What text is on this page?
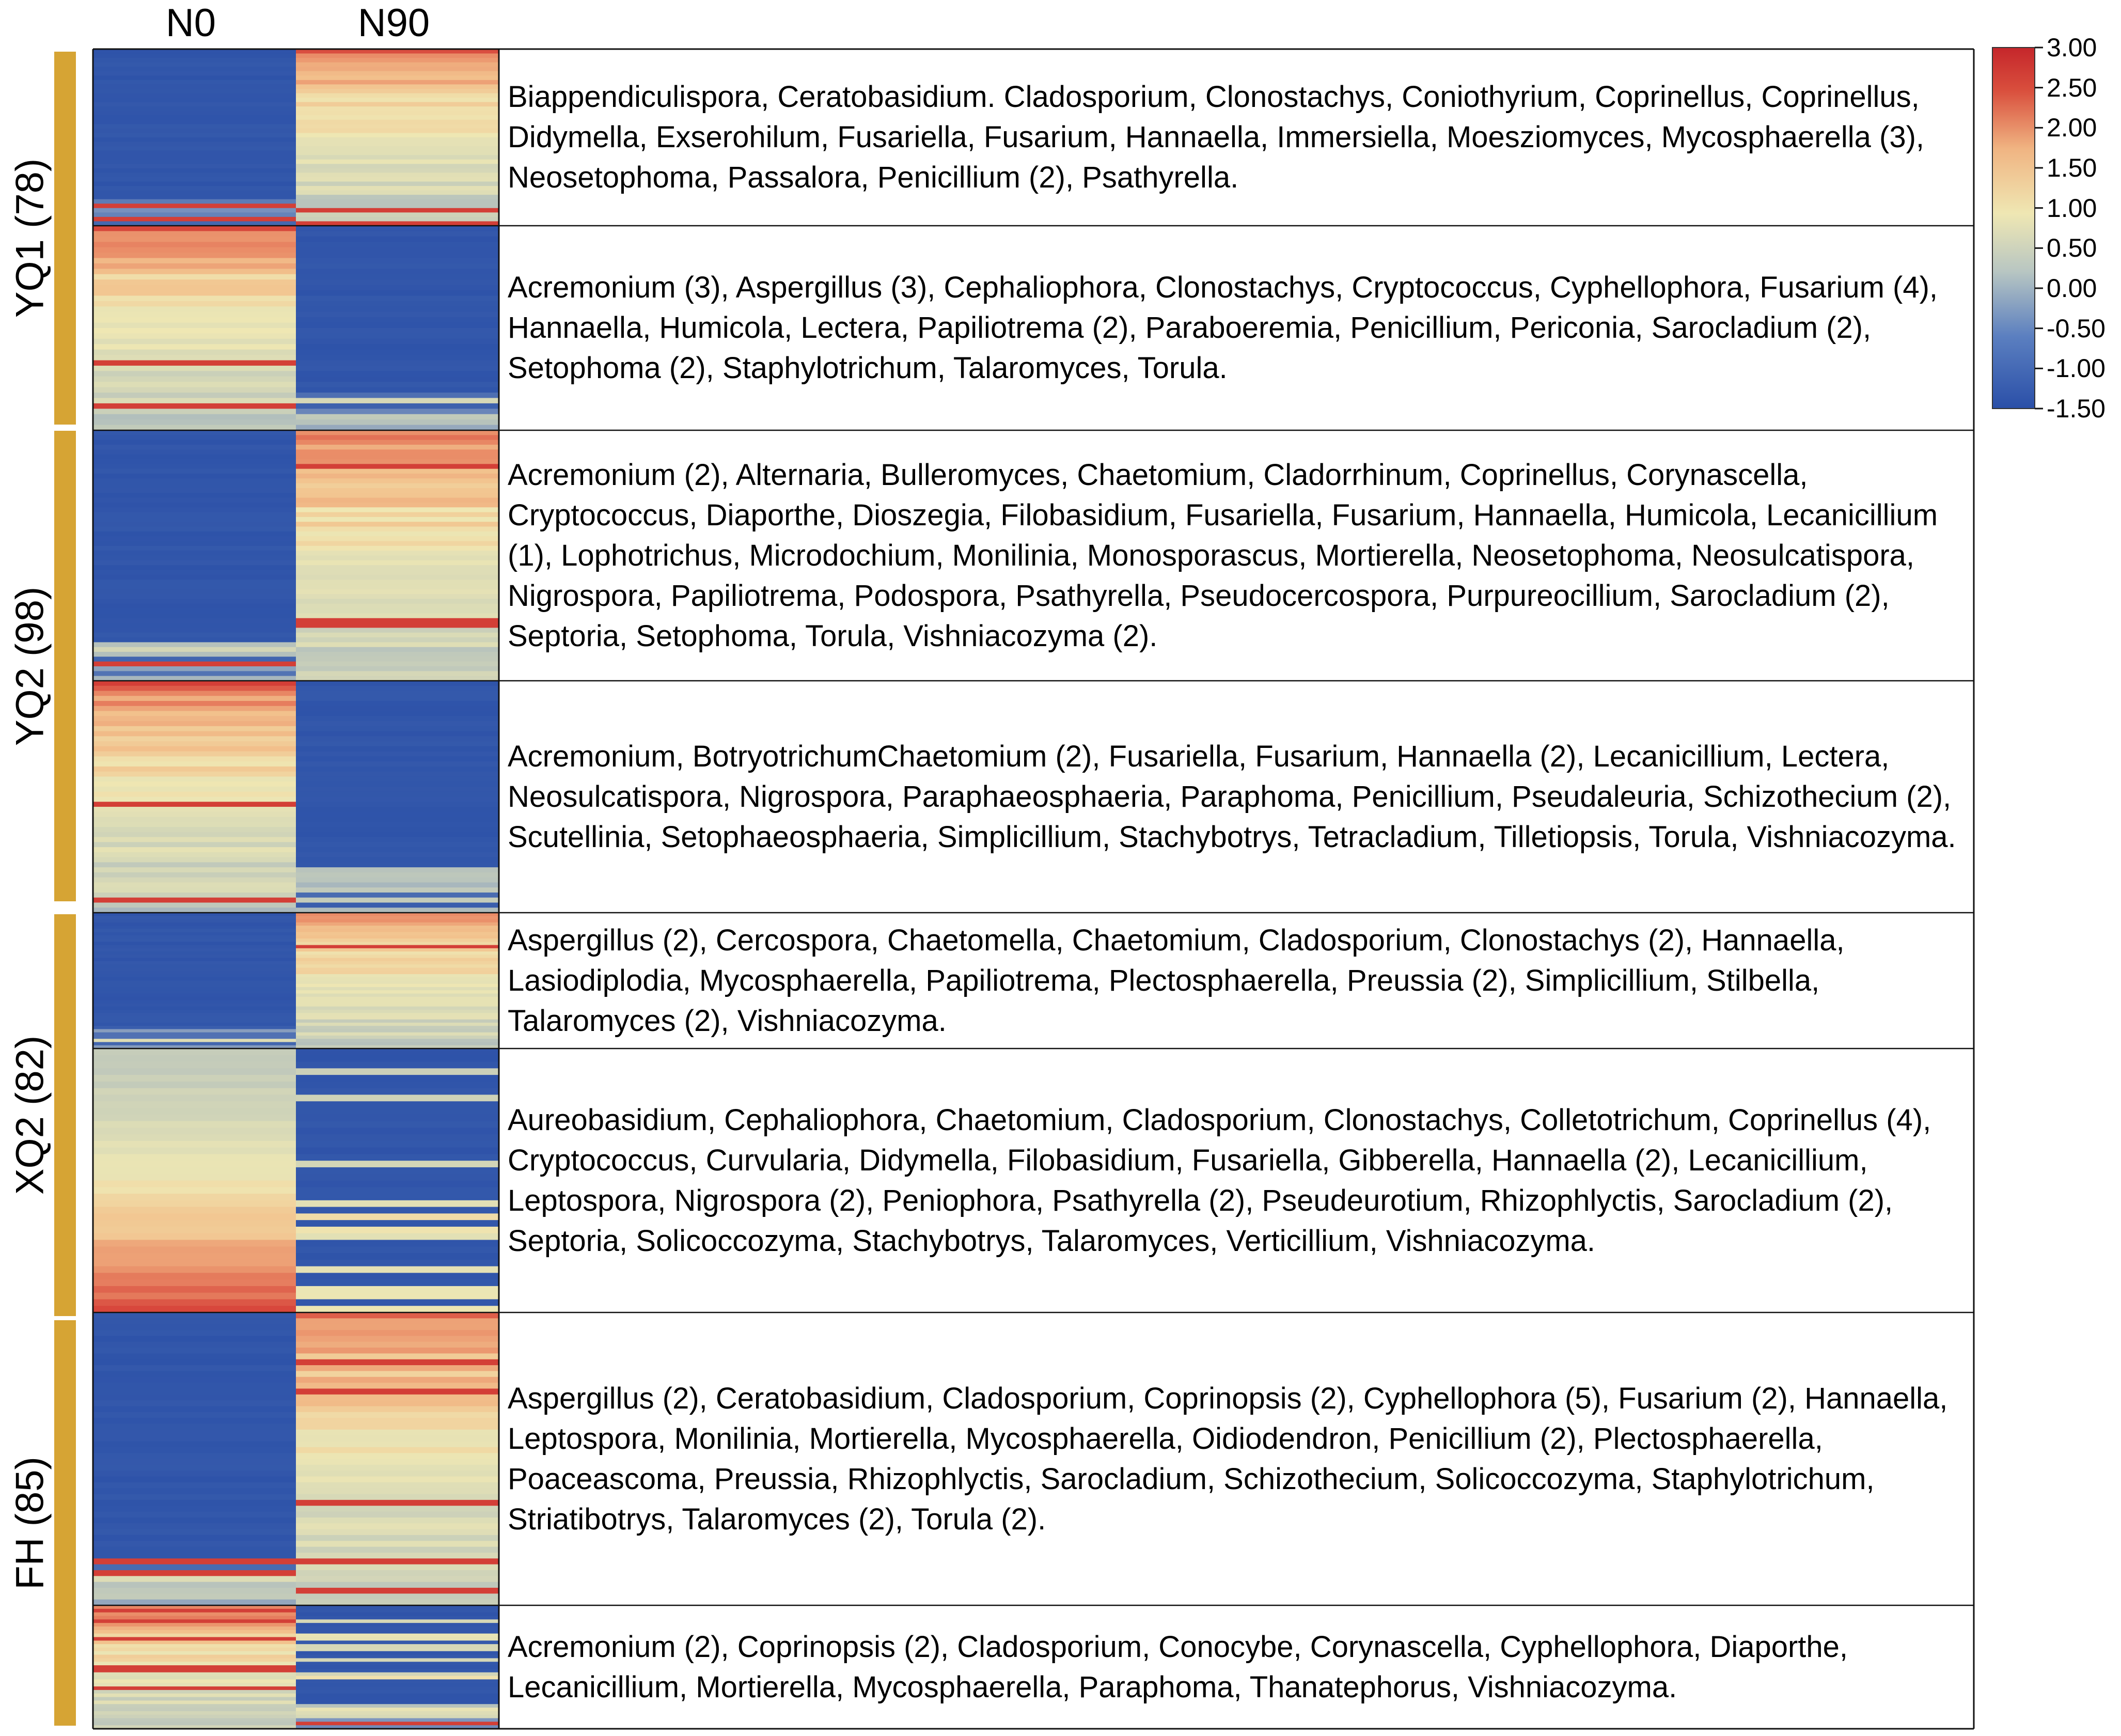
N0	N90
YQ1 (78)
YQ2 (98)
XQ2 (82)
FH (85)
Biappendiculispora, Ceratobasidium. Cladosporium, Clonostachys, Coniothyrium, Coprinellus, Coprinellus, Didymella, Exserohilum, Fusariella, Fusarium, Hannaella, Immersiella, Moesziomyces, Mycosphaerella (3), Neosetophoma, Passalora, Penicillium (2), Psathyrella.
Acremonium (3), Aspergillus (3), Cephaliophora, Clonostachys, Cryptococcus, Cyphellophora, Fusarium (4), Hannaella, Humicola, Lectera, Papiliotrema (2), Paraboeremia, Penicillium, Periconia, Sarocladium (2), Setophoma (2), Staphylotrichum, Talaromyces, Torula.
Acremonium (2), Alternaria, Bulleromyces, Chaetomium, Cladorrhinum, Coprinellus, Corynascella, Cryptococcus, Diaporthe, Dioszegia, Filobasidium, Fusariella, Fusarium, Hannaella, Humicola, Lecanicillium (1), Lophotrichus, Microdochium, Monilinia, Monosporascus, Mortierella, Neosetophoma, Neosulcatispora, Nigrospora, Papiliotrema, Podospora, Psathyrella, Pseudocercospora, Purpureocillium, Sarocladium (2), Septoria, Setophoma, Torula, Vishniacozyma (2).
Acremonium, BotryotrichumChaetomium (2), Fusariella, Fusarium, Hannaella (2), Lecanicillium, Lectera, Neosulcatispora, Nigrospora, Paraphaeosphaeria, Paraphoma, Penicillium, Pseudaleuria, Schizothecium (2), Scutellinia, Setophaeosphaeria, Simplicillium, Stachybotrys, Tetracladium, Tilletiopsis, Torula, Vishniacozyma.
Aspergillus (2), Cercospora, Chaetomella, Chaetomium, Cladosporium, Clonostachys (2), Hannaella, Lasiodiplodia, Mycosphaerella, Papiliotrema, Plectosphaerella, Preussia (2), Simplicillium, Stilbella, Talaromyces (2), Vishniacozyma.
Aureobasidium, Cephaliophora, Chaetomium, Cladosporium, Clonostachys, Colletotrichum, Coprinellus (4), Cryptococcus, Curvularia, Didymella, Filobasidium, Fusariella, Gibberella, Hannaella (2), Lecanicillium, Leptospora, Nigrospora (2), Peniophora, Psathyrella (2), Pseudeurotium, Rhizophlyctis, Sarocladium (2), Septoria, Solicoccozyma, Stachybotrys, Talaromyces, Verticillium, Vishniacozyma.
Aspergillus (2), Ceratobasidium, Cladosporium, Coprinopsis (2), Cyphellophora (5), Fusarium (2), Hannaella, Leptospora, Monilinia, Mortierella, Mycosphaerella, Oidiodendron, Penicillium (2), Plectosphaerella, Poaceascoma, Preussia, Rhizophlyctis, Sarocladium, Schizothecium, Solicoccozyma, Staphylotrichum, Striatibotrys, Talaromyces (2), Torula (2).
Acremonium (2), Coprinopsis (2), Cladosporium, Conocybe, Corynascella, Cyphellophora, Diaporthe, Lecanicillium, Mortierella, Mycosphaerella, Paraphoma, Thanatephorus, Vishniacozyma.
3.00
2.50
2.00
1.50
1.00
0.50
0.00
-0.50
-1.00
-1.50
